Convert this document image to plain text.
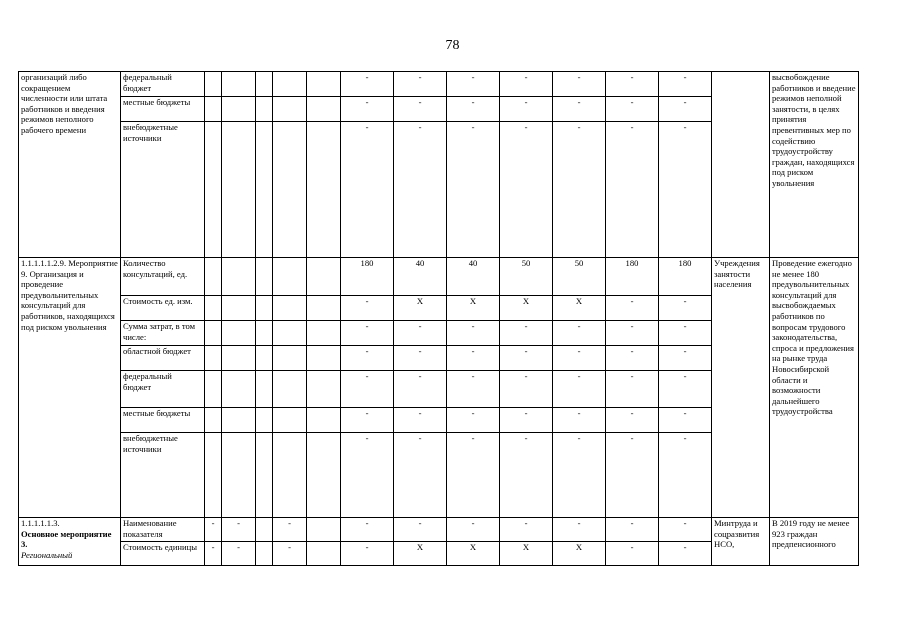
78
организаций либо сокращением численности или штата работников и введения режимов неполного рабочего времени	федеральный бюджет						-	-	-	-	-	-	-		высвобождение работников и введение режимов неполной занятости, в целях принятия превентивных мер по содействию трудоустройству граждан, находящихся под риском увольнения
	местные бюджеты						-	-	-	-	-	-	-		
	внебюджетные источники						-	-	-	-	-	-	-		
1.1.1.1.1.2.9. Мероприятие 9. Организация и проведение предувольнительных консультаций для работников, находящихся под риском увольнения	Количество консультаций, ед.						180	40	40	50	50	180	180	Учреждения занятости населения	Проведение ежегодно не менее 180 предувольнительных консультаций для высвобождаемых работников по вопросам трудового законодательства, спроса и предложения на рынке труда Новосибирской области и возможности дальнейшего трудоустройства
	Стоимость ед. изм.						-	X	X	X	X	-	-		
	Сумма затрат, в том числе:						-	-	-	-	-	-	-		
	областной бюджет						-	-	-	-	-	-	-		
	федеральный бюджет						-	-	-	-	-	-	-		
	местные бюджеты						-	-	-	-	-	-	-		
	внебюджетные источники						-	-	-	-	-	-	-		
1.1.1.1.1.3.
Основное мероприятие 3.
Региональный	Наименование показателя	-	-		-		-	-	-	-	-	-	-	Минтруда и соцразвития НСО,	В 2019 году не менее 923 граждан предпенсионного
	Стоимость единицы	-	-		-		-	X	X	X	X	-	-		
